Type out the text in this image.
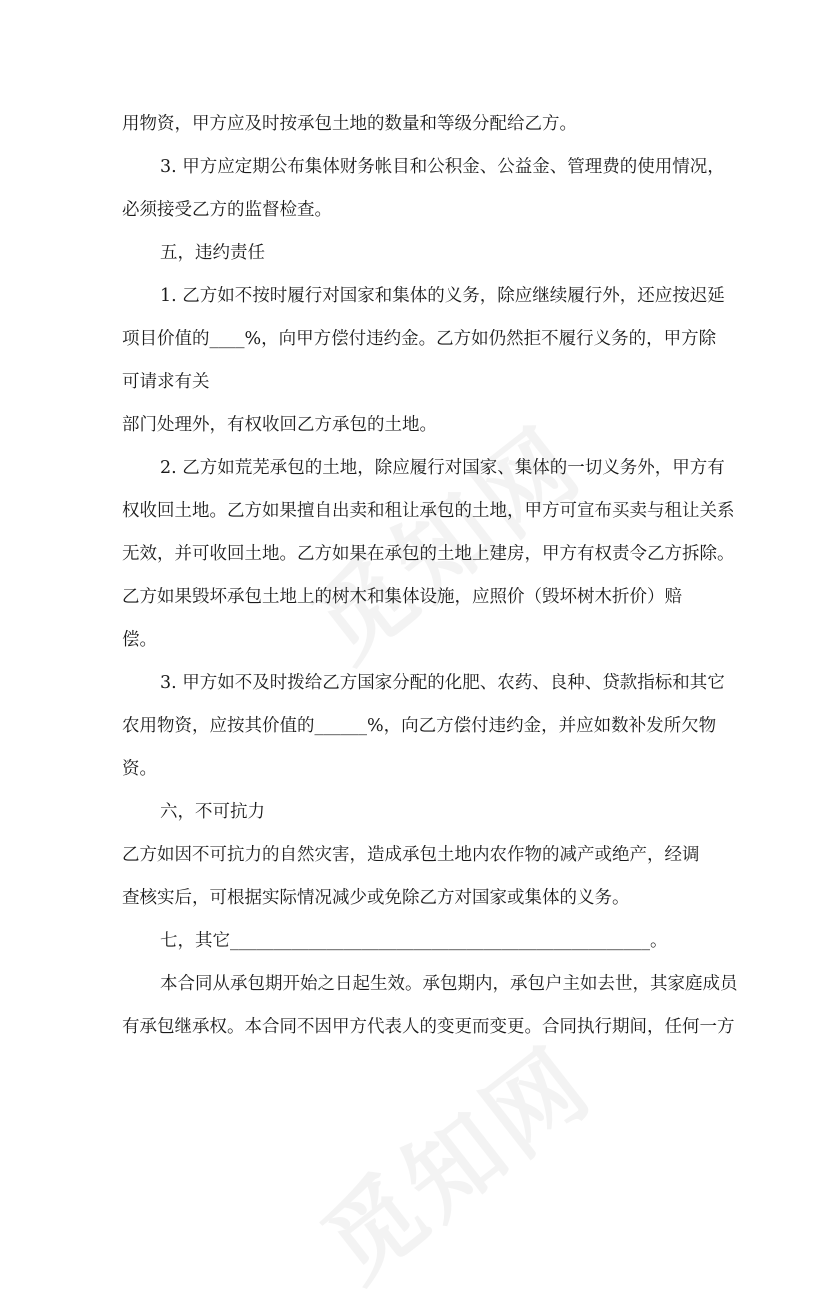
用物资，甲方应及时按承包土地的数量和等级分配给乙方。
3. 甲方应定期公布集体财务帐目和公积金、公益金、管理费的使用情况，
必须接受乙方的监督检查。
五，违约责任
1. 乙方如不按时履行对国家和集体的义务，除应继续履行外，还应按迟延
项目价值的____%，向甲方偿付违约金。乙方如仍然拒不履行义务的，甲方除
可请求有关
部门处理外，有权收回乙方承包的土地。
2. 乙方如荒芜承包的土地，除应履行对国家、集体的一切义务外，甲方有
权收回土地。乙方如果擅自出卖和租让承包的土地，甲方可宣布买卖与租让关系
无效，并可收回土地。乙方如果在承包的土地上建房，甲方有权责令乙方拆除。
乙方如果毁坏承包土地上的树木和集体设施，应照价（毁坏树木折价）赔
偿。
3. 甲方如不及时拨给乙方国家分配的化肥、农药、良种、贷款指标和其它
农用物资，应按其价值的______%，向乙方偿付违约金，并应如数补发所欠物
资。
六，不可抗力
乙方如因不可抗力的自然灾害，造成承包土地内农作物的减产或绝产，经调
查核实后，可根据实际情况减少或免除乙方对国家或集体的义务。
七，其它________________________________________________。
本合同从承包期开始之日起生效。承包期内，承包户主如去世，其家庭成员
有承包继承权。本合同不因甲方代表人的变更而变更。合同执行期间，任何一方
